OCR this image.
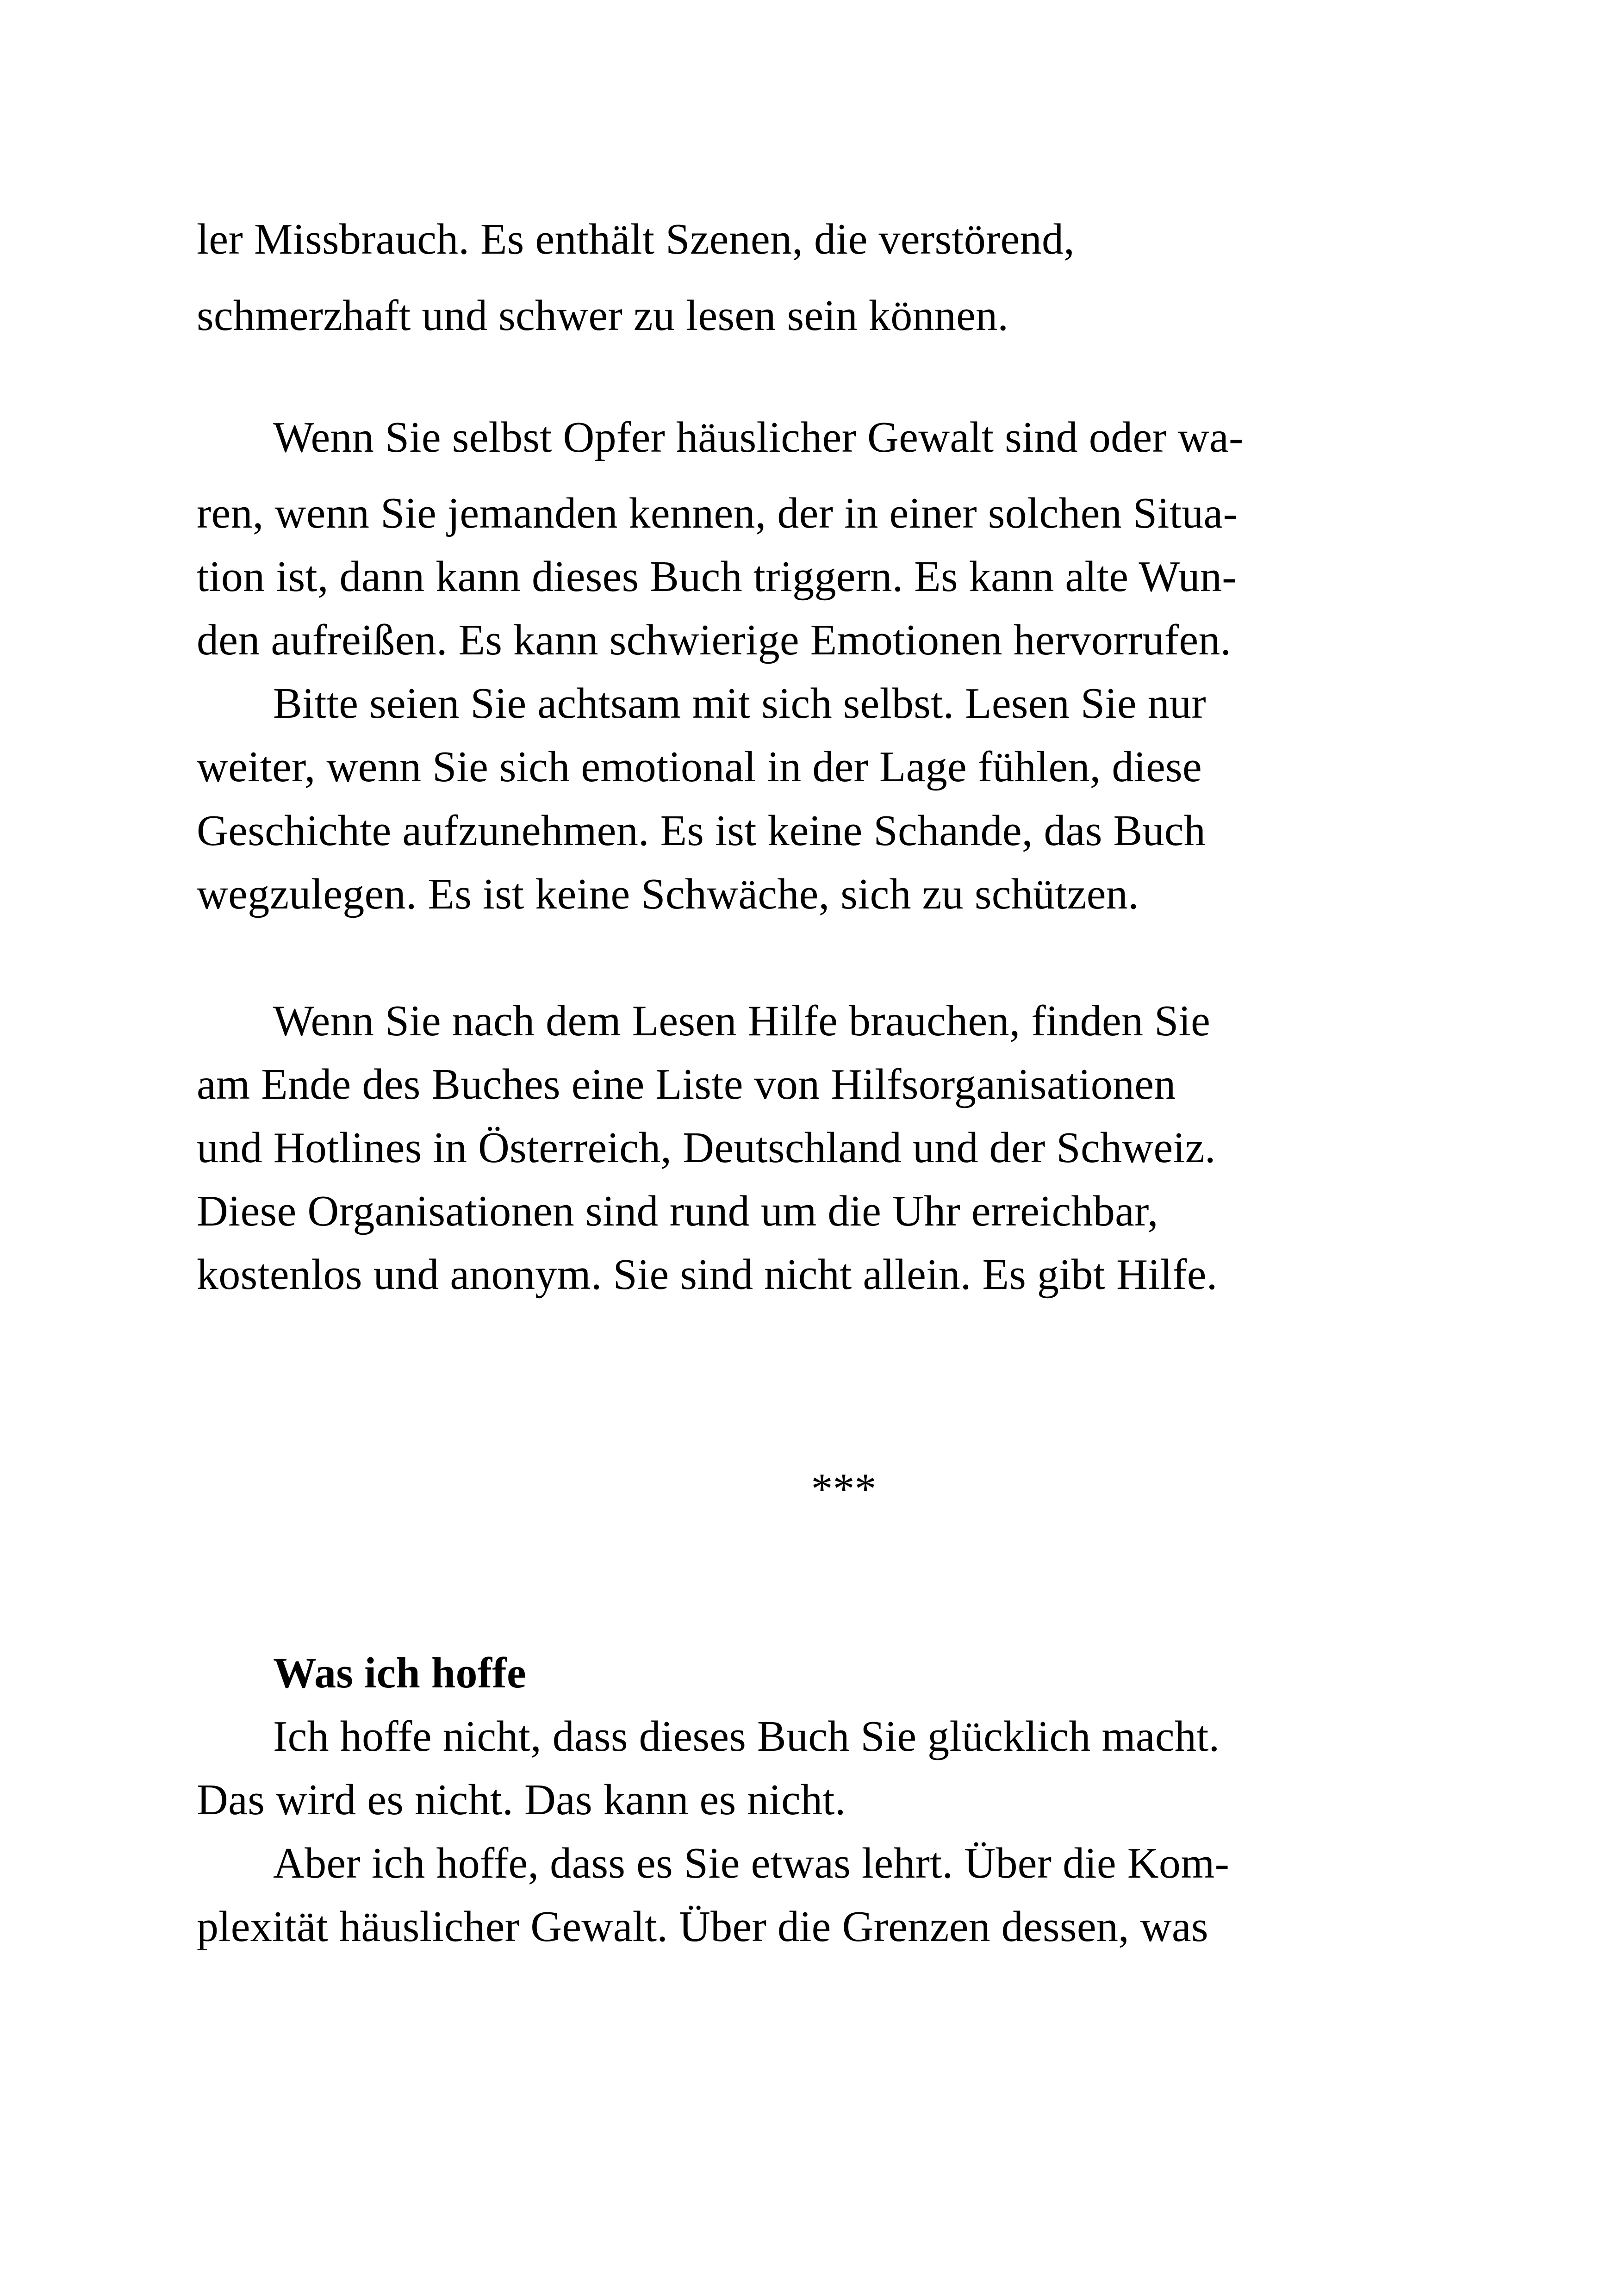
ler Missbrauch. Es enthält Szenen, die verstörend,
schmerzhaft und schwer zu lesen sein können.
Wenn Sie selbst Opfer häuslicher Gewalt sind oder wa-
ren, wenn Sie jemanden kennen, der in einer solchen Situa-
tion ist, dann kann dieses Buch triggern. Es kann alte Wun-
den aufreißen. Es kann schwierige Emotionen hervorrufen.
Bitte seien Sie achtsam mit sich selbst. Lesen Sie nur
weiter, wenn Sie sich emotional in der Lage fühlen, diese
Geschichte aufzunehmen. Es ist keine Schande, das Buch
wegzulegen. Es ist keine Schwäche, sich zu schützen.
Wenn Sie nach dem Lesen Hilfe brauchen, finden Sie
am Ende des Buches eine Liste von Hilfsorganisationen
und Hotlines in Österreich, Deutschland und der Schweiz.
Diese Organisationen sind rund um die Uhr erreichbar,
kostenlos und anonym. Sie sind nicht allein. Es gibt Hilfe.
***
Was ich hoffe
Ich hoffe nicht, dass dieses Buch Sie glücklich macht.
Das wird es nicht. Das kann es nicht.
Aber ich hoffe, dass es Sie etwas lehrt. Über die Kom-
plexität häuslicher Gewalt. Über die Grenzen dessen, was
